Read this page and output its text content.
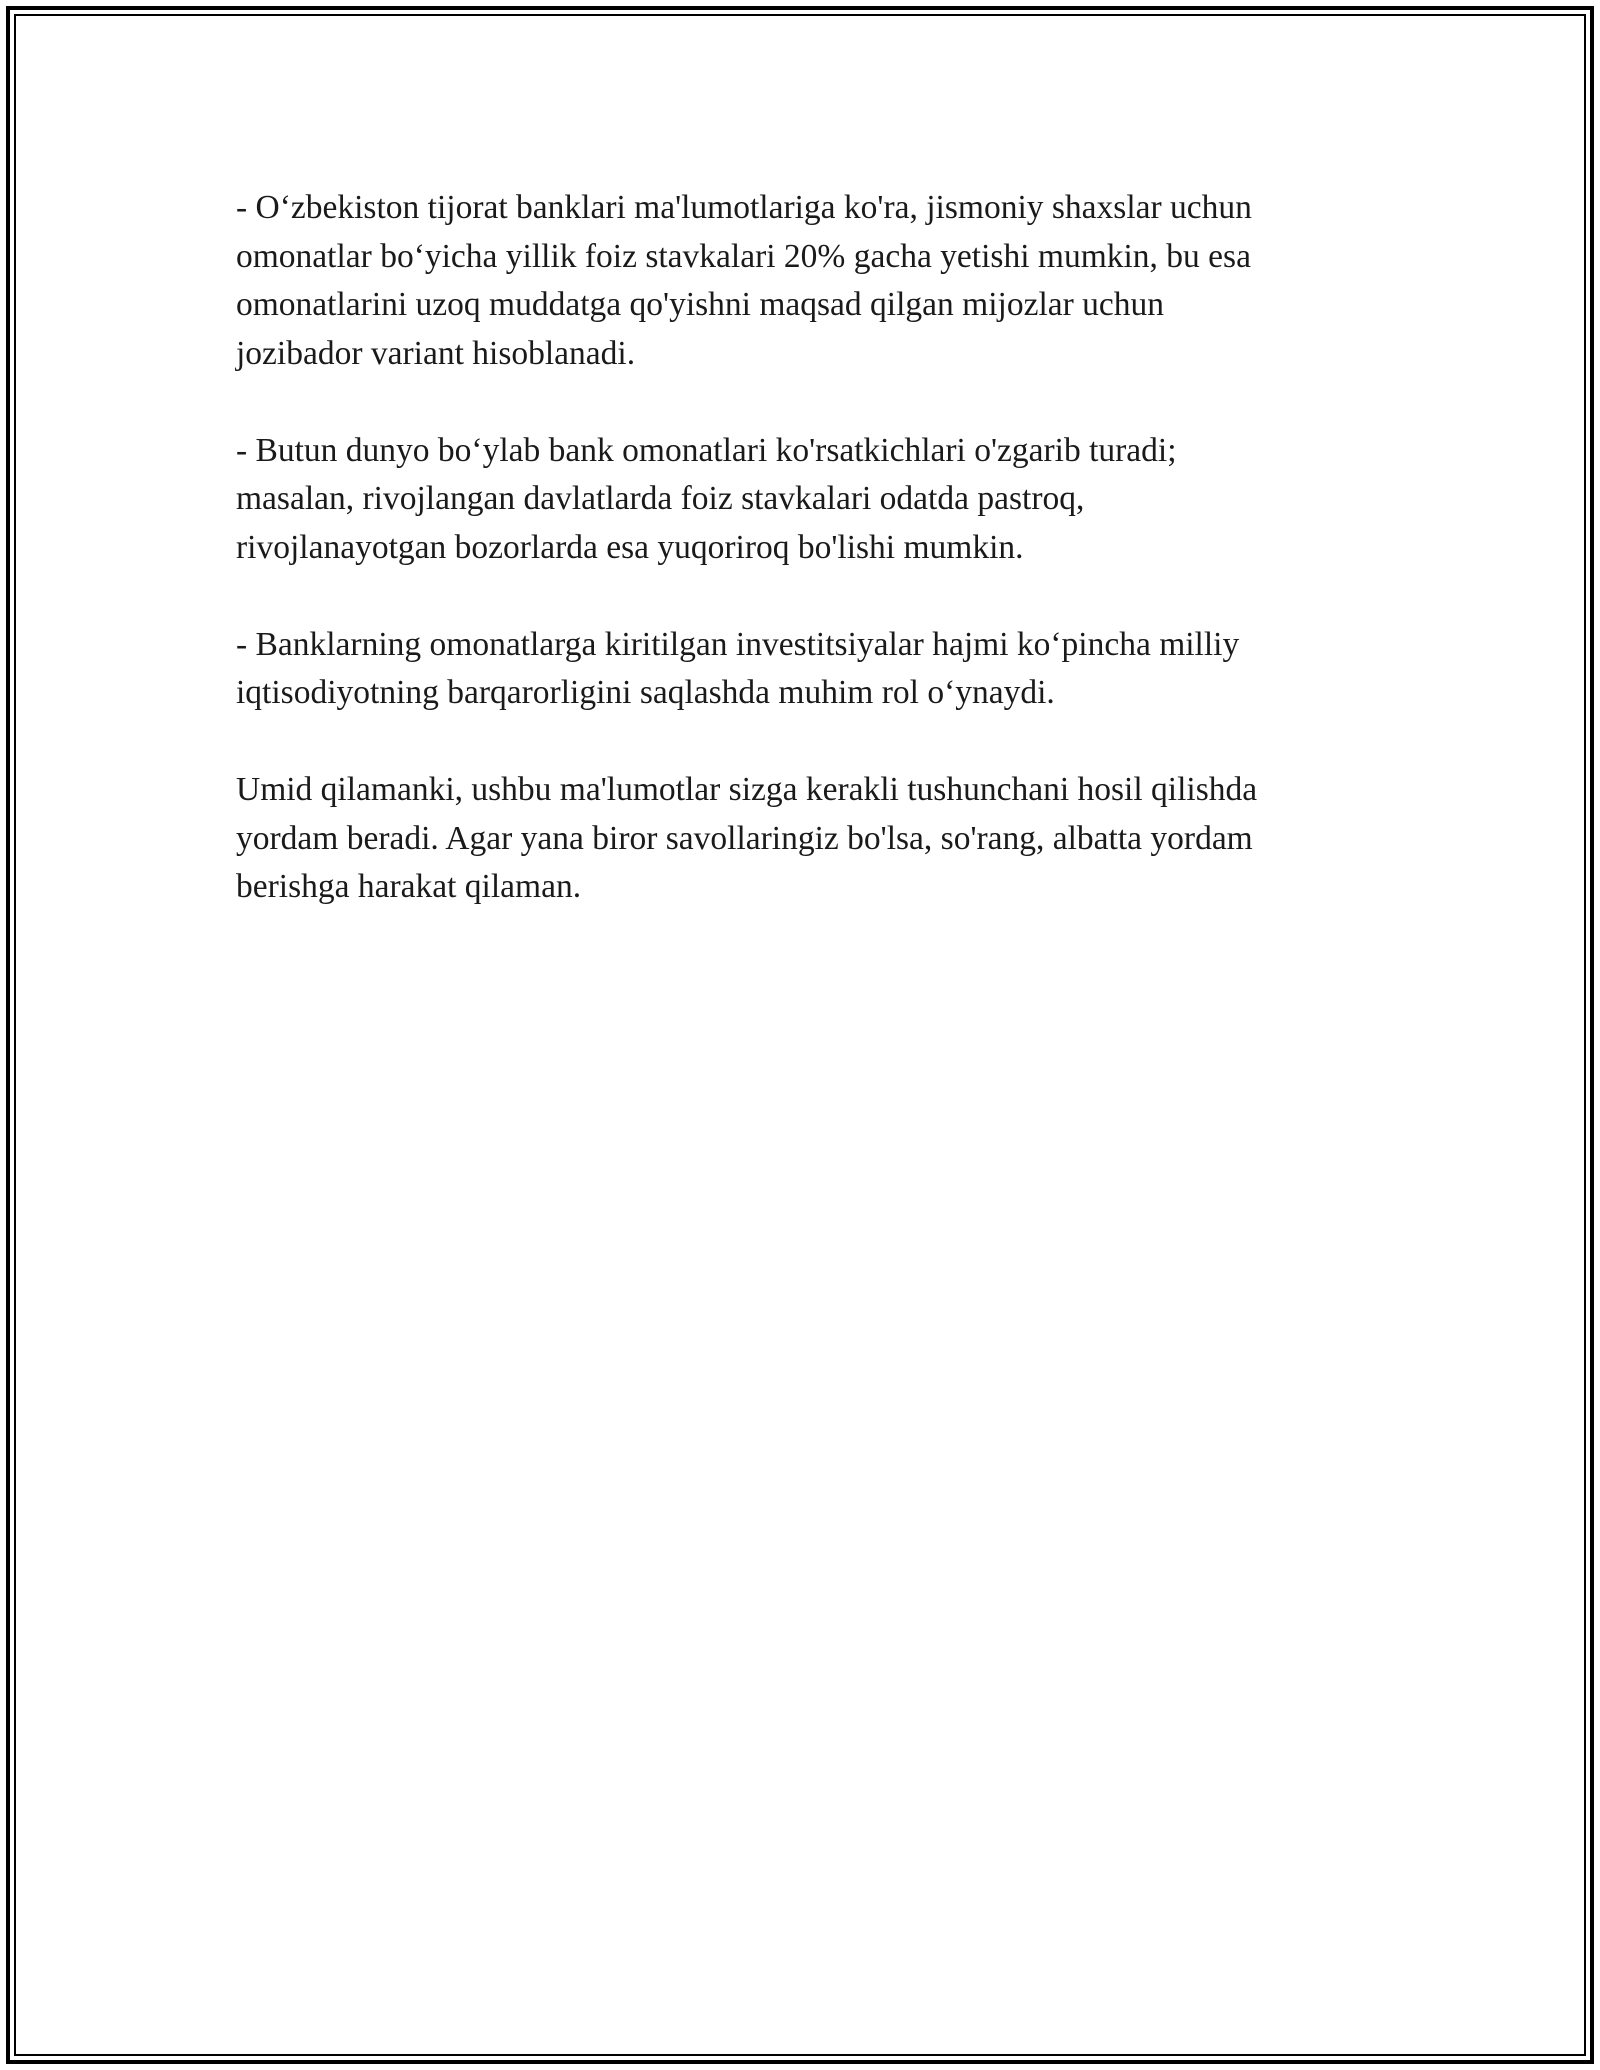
- O‘zbekiston tijorat banklari ma'lumotlariga ko'ra, jismoniy shaxslar uchun
omonatlar bo‘yicha yillik foiz stavkalari 20% gacha yetishi mumkin, bu esa
omonatlarini uzoq muddatga qo'yishni maqsad qilgan mijozlar uchun
jozibador variant hisoblanadi.

- Butun dunyo bo‘ylab bank omonatlari ko'rsatkichlari o'zgarib turadi;
masalan, rivojlangan davlatlarda foiz stavkalari odatda pastroq,
rivojlanayotgan bozorlarda esa yuqoriroq bo'lishi mumkin.

- Banklarning omonatlarga kiritilgan investitsiyalar hajmi ko‘pincha milliy
iqtisodiyotning barqarorligini saqlashda muhim rol o‘ynaydi.

Umid qilamanki, ushbu ma'lumotlar sizga kerakli tushunchani hosil qilishda
yordam beradi. Agar yana biror savollaringiz bo'lsa, so'rang, albatta yordam
berishga harakat qilaman.
